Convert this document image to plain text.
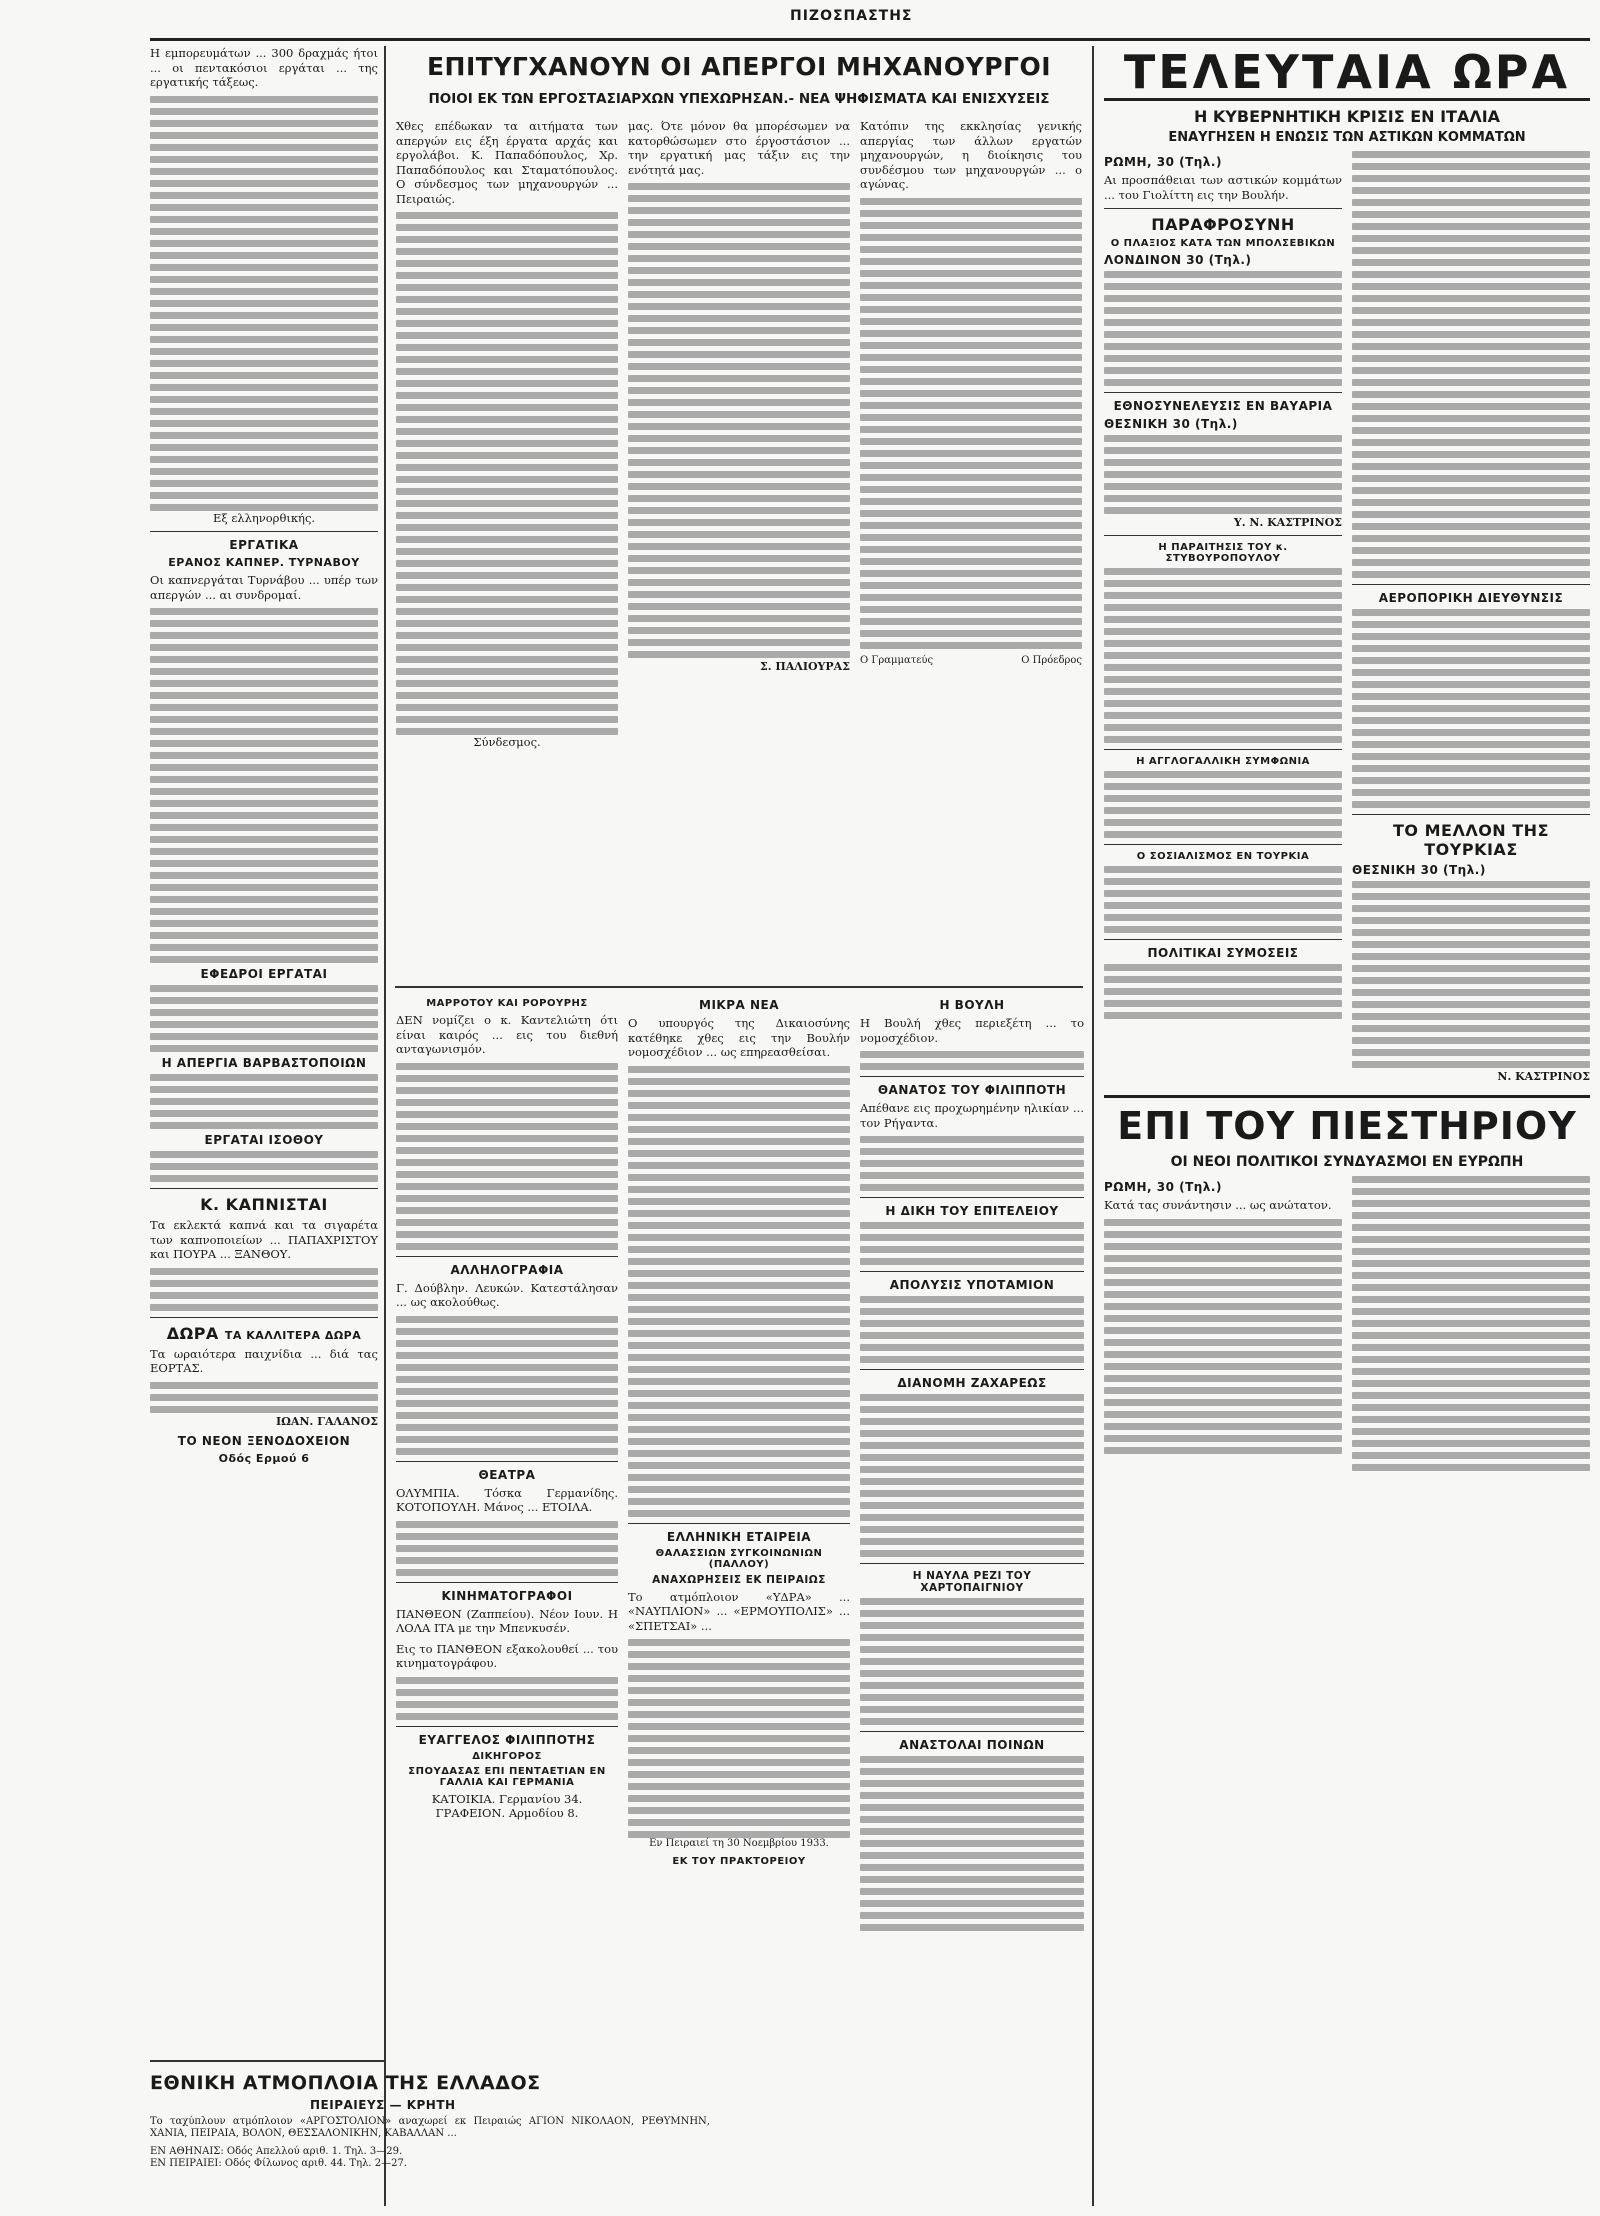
ΠΙΖΟΣΠΑΣΤΗΣ

Η εμπορευμάτων ... 300 δραχμάς ήτοι ... οι πεντακόσιοι εργάται ... της εργατικής τάξεως.

Εξ ελληνορθικής.

ΕΡΓΑΤΙΚΑ
ΕΡΑΝΟΣ ΚΑΠΝΕΡ. ΤΥΡΝΑΒΟΥ

Οι καπνεργάται Τυρνάβου ... υπέρ των απεργών ... αι συνδρομαί.

ΕΦΕΔΡΟΙ ΕΡΓΑΤΑΙ
Η ΑΠΕΡΓΙΑ ΒΑΡΒΑΣΤΟΠΟΙΩΝ
ΕΡΓΑΤΑΙ ΙΣΟΘΟΥ
Κ. ΚΑΠΝΙΣΤΑΙ

Τα εκλεκτά καπνά και τα σιγαρέτα των καπνοποιείων ... ΠΑΠΑΧΡΙΣΤΟΥ και ΠΟΥΡΑ ... ΞΑΝΘΟΥ.

ΔΩΡΑ ΤΑ ΚΑΛΛΙΤΕΡΑ ΔΩΡΑ

Τα ωραιότερα παιχνίδια ... διά τας ΕΟΡΤΑΣ.

ΙΩΑΝ. ΓΑΛΑΝΟΣ
ΤΟ ΝΕΟΝ ΞΕΝΟΔΟΧΕΙΟΝ
Οδός Ερμού 6
ΕΘΝΙΚΗ ΑΤΜΟΠΛΟΙΑ ΤΗΣ ΕΛΛΑΔΟΣ
ΠΕΙΡΑΙΕΥΣ — ΚΡΗΤΗ

Το ταχύπλουν ατμόπλοιον «ΑΡΓΟΣΤΟΛΙΟΝ» αναχωρεί εκ Πειραιώς ΑΓΙΟΝ ΝΙΚΟΛΑΟΝ, ΡΕΘΥΜΝΗΝ, ΧΑΝΙΑ, ΠΕΙΡΑΙΑ, ΒΟΛΟΝ, ΘΕΣΣΑΛΟΝΙΚΗΝ, ΚΑΒΑΛΛΑΝ ...

ΕΝ ΑΘΗΝΑΙΣ: Οδός Απελλού αριθ. 1. Τηλ. 3—29.
ΕΝ ΠΕΙΡΑΙΕΙ: Οδός Φίλωνος αριθ. 44. Τηλ. 2—27.
ΕΠΙΤΥΓΧΑΝΟΥΝ ΟΙ ΑΠΕΡΓΟΙ ΜΗΧΑΝΟΥΡΓΟΙ
ΠΟΙΟΙ ΕΚ ΤΩΝ ΕΡΓΟΣΤΑΣΙΑΡΧΩΝ ΥΠΕΧΩΡΗΣΑΝ.- ΝΕΑ ΨΗΦΙΣΜΑΤΑ ΚΑΙ ΕΝΙΣΧΥΣΕΙΣ

Χθες επέδωκαν τα αιτήματα των απεργών εις έξη έργατα αρχάς και εργολάβοι. Κ. Παπαδόπουλος, Χρ. Παπαδόπουλος και Σταματόπουλος. Ο σύνδεσμος των μηχανουργών ... Πειραιώς.

Σύνδεσμος.

μας. Ότε μόνον θα μπορέσωμεν να κατορθώσωμεν στο έργοστάσιον ... την εργατική μας τάξιν εις την ενότητά μας.

Σ. ΠΑΛΙΟΥΡΑΣ

Κατόπιν της εκκλησίας γενικής απεργίας των άλλων εργατών μηχανουργών, η διοίκησις του συνδέσμου των μηχανουργών ... ο αγώνας.

Ο Γραμματεύς	Ο Πρόεδρος
ΜΑΡΡΟΤΟΥ ΚΑΙ ΡΟΡΟΥΡΗΣ

ΔΕΝ νομίζει ο κ. Καντελιώτη ότι είναι καιρός ... εις του διεθνή ανταγωνισμόν.

ΑΛΛΗΛΟΓΡΑΦΙΑ

Γ. Δούβλην. Λευκών. Κατεστάλησαν ... ως ακολούθως.

ΘΕΑΤΡΑ

ΟΛΥΜΠΙΑ. Τόσκα Γερμανίδης. ΚΟΤΟΠΟΥΛΗ. Μάνος ... ΕΤΟΙΛΑ.

ΚΙΝΗΜΑΤΟΓΡΑΦΟΙ

ΠΑΝΘΕΟΝ (Ζαππείου). Νέον Ιουν. Η ΛΟΛΑ ΙΤΑ με την Μπενκυσέν.

Εις το ΠΑΝΘΕΟΝ εξακολουθεί ... του κινηματογράφου.

ΕΥΑΓΓΕΛΟΣ ΦΙΛΙΠΠΟΤΗΣ
ΔΙΚΗΓΟΡΟΣ
ΣΠΟΥΔΑΣΑΣ ΕΠΙ ΠΕΝΤΑΕΤΙΑΝ ΕΝ ΓΑΛΛΙΑ ΚΑΙ ΓΕΡΜΑΝΙΑ

ΚΑΤΟΙΚΙΑ. Γερμανίου 34. ΓΡΑΦΕΙΟΝ. Αρμοδίου 8.

ΜΙΚΡΑ ΝΕΑ

Ο υπουργός της Δικαιοσύνης κατέθηκε χθες εις την Βουλήν νομοσχέδιον ... ως επηρεασθείσαι.

ΕΛΛΗΝΙΚΗ ΕΤΑΙΡΕΙΑ
ΘΑΛΑΣΣΙΩΝ ΣΥΓΚΟΙΝΩΝΙΩΝ (ΠΑΛΛΟΥ)
ΑΝΑΧΩΡΗΣΕΙΣ ΕΚ ΠΕΙΡΑΙΩΣ

Το ατμόπλοιον «ΥΔΡΑ» ... «ΝΑΥΠΛΙΟΝ» ... «ΕΡΜΟΥΠΟΛΙΣ» ... «ΣΠΕΤΣΑΙ» ...

Εν Πειραιεί τη 30 Νοεμβρίου 1933.

ΕΚ ΤΟΥ ΠΡΑΚΤΟΡΕΙΟΥ
Η ΒΟΥΛΗ

Η Βουλή χθες περιεξέτη ... το νομοσχέδιον.

ΘΑΝΑΤΟΣ ΤΟΥ ΦΙΛΙΠΠΟΤΗ

Απέθανε εις προχωρημένην ηλικίαν ... τον Ρήγαντα.

Η ΔΙΚΗ ΤΟΥ ΕΠΙΤΕΛΕΙΟΥ
ΑΠΟΛΥΣΙΣ ΥΠΟΤΑΜΙΟΝ
ΔΙΑΝΟΜΗ ΖΑΧΑΡΕΩΣ
Η ΝΑΥΛΑ ΡΕΖΙ ΤΟΥ ΧΑΡΤΟΠΑΙΓΝΙΟΥ
ΑΝΑΣΤΟΛΑΙ ΠΟΙΝΩΝ
ΤΕΛΕΥΤΑΙΑ ΩΡΑ
Η ΚΥΒΕΡΝΗΤΙΚΗ ΚΡΙΣΙΣ ΕΝ ΙΤΑΛΙΑ
ΕΝΑΥΓΗΣΕΝ Η ΕΝΩΣΙΣ ΤΩΝ ΑΣΤΙΚΩΝ ΚΟΜΜΑΤΩΝ
ΡΩΜΗ, 30 (Τηλ.)

Αι προσπάθειαι των αστικών κομμάτων ... του Γιολίττη εις την Βουλήν.

ΠΑΡΑΦΡΟΣΥΝΗ
Ο ΠΛΑΞΙΟΣ ΚΑΤΑ ΤΩΝ ΜΠΟΛΣΕΒΙΚΩΝ
ΛΟΝΔΙΝΟΝ 30 (Τηλ.)
ΕΘΝΟΣΥΝΕΛΕΥΣΙΣ ΕΝ ΒΑΥΑΡΙΑ
ΘΕΣΝΙΚΗ 30 (Τηλ.)
Υ. Ν. ΚΑΣΤΡΙΝΟΣ
Η ΠΑΡΑΙΤΗΣΙΣ ΤΟΥ κ. ΣΤΥΒΟΥΡΟΠΟΥΛΟΥ
Η ΑΓΓΛΟΓΑΛΛΙΚΗ ΣΥΜΦΩΝΙΑ
Ο ΣΟΣΙΑΛΙΣΜΟΣ ΕΝ ΤΟΥΡΚΙΑ
ΠΟΛΙΤΙΚΑΙ ΣΥΜΟΣΕΙΣ
ΑΕΡΟΠΟΡΙΚΗ ΔΙΕΥΘΥΝΣΙΣ
ΤΟ ΜΕΛΛΟΝ ΤΗΣ ΤΟΥΡΚΙΑΣ
ΘΕΣΝΙΚΗ 30 (Τηλ.)
Ν. ΚΑΣΤΡΙΝΟΣ
ΕΠΙ ΤΟΥ ΠΙΕΣΤΗΡΙΟΥ
ΟΙ ΝΕΟΙ ΠΟΛΙΤΙΚΟΙ ΣΥΝΔΥΑΣΜΟΙ ΕΝ ΕΥΡΩΠΗ
ΡΩΜΗ, 30 (Τηλ.)

Κατά τας συνάντησιν ... ως ανώτατον.
